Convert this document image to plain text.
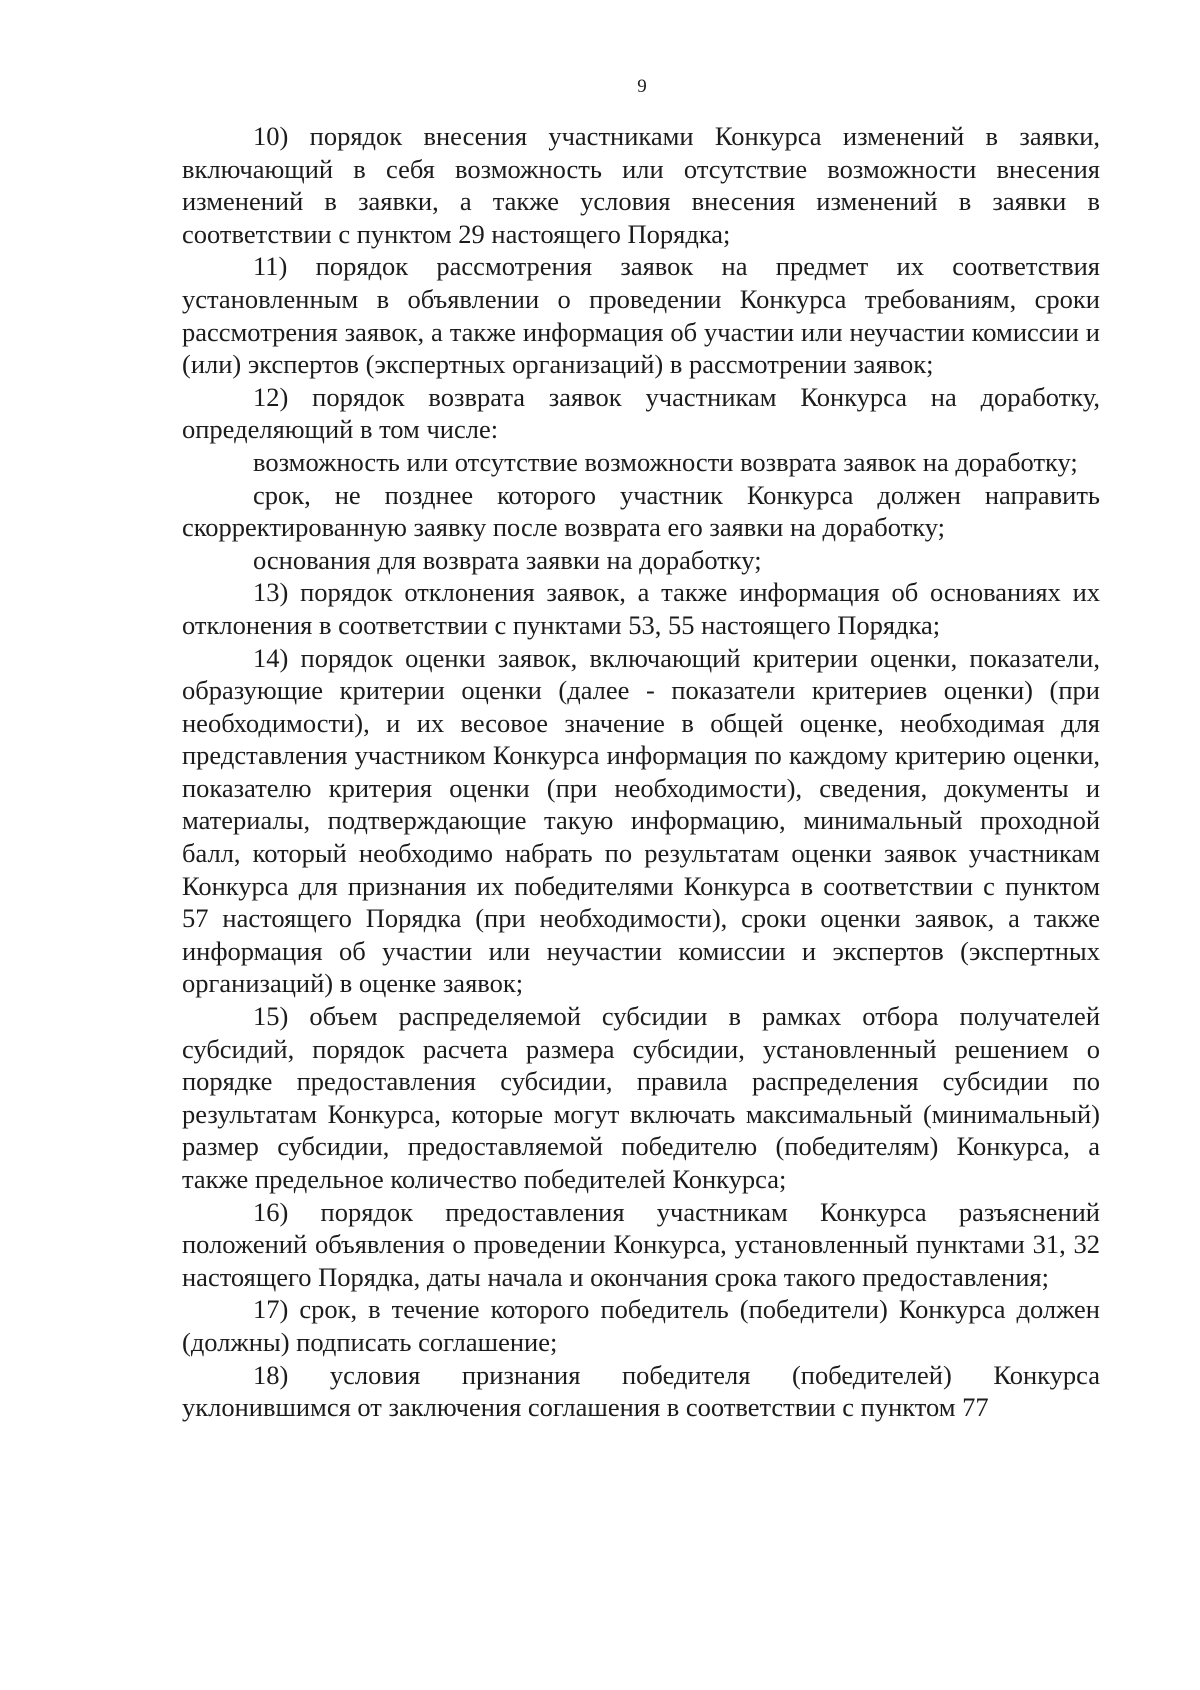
9

10) порядок внесения участниками Конкурса изменений в заявки, включающий в себя возможность или отсутствие возможности внесения изменений в заявки, а также условия внесения изменений в заявки в соответствии с пунктом 29 настоящего Порядка;

11) порядок рассмотрения заявок на предмет их соответствия установленным в объявлении о проведении Конкурса требованиям, сроки рассмотрения заявок, а также информация об участии или неучастии комиссии и (или) экспертов (экспертных организаций) в рассмотрении заявок;

12) порядок возврата заявок участникам Конкурса на доработку, определяющий в том числе:

возможность или отсутствие возможности возврата заявок на доработку;

срок, не позднее которого участник Конкурса должен направить скорректированную заявку после возврата его заявки на доработку;

основания для возврата заявки на доработку;

13) порядок отклонения заявок, а также информация об основаниях их отклонения в соответствии с пунктами 53, 55 настоящего Порядка;

14) порядок оценки заявок, включающий критерии оценки, показатели, образующие критерии оценки (далее - показатели критериев оценки) (при необходимости), и их весовое значение в общей оценке, необходимая для представления участником Конкурса информация по каждому критерию оценки, показателю критерия оценки (при необходимости), сведения, документы и материалы, подтверждающие такую информацию, минимальный проходной балл, который необходимо набрать по результатам оценки заявок участникам Конкурса для признания их победителями Конкурса в соответствии с пунктом 57 настоящего Порядка (при необходимости), сроки оценки заявок, а также информация об участии или неучастии комиссии и экспертов (экспертных организаций) в оценке заявок;

15) объем распределяемой субсидии в рамках отбора получателей субсидий, порядок расчета размера субсидии, установленный решением о порядке предоставления субсидии, правила распределения субсидии по результатам Конкурса, которые могут включать максимальный (минимальный) размер субсидии, предоставляемой победителю (победителям) Конкурса, а также предельное количество победителей Конкурса;

16) порядок предоставления участникам Конкурса разъяснений положений объявления о проведении Конкурса, установленный пунктами 31, 32 настоящего Порядка, даты начала и окончания срока такого предоставления;

17) срок, в течение которого победитель (победители) Конкурса должен (должны) подписать соглашение;

18) условия признания победителя (победителей) Конкурса уклонившимся от заключения соглашения в соответствии с пунктом 77
